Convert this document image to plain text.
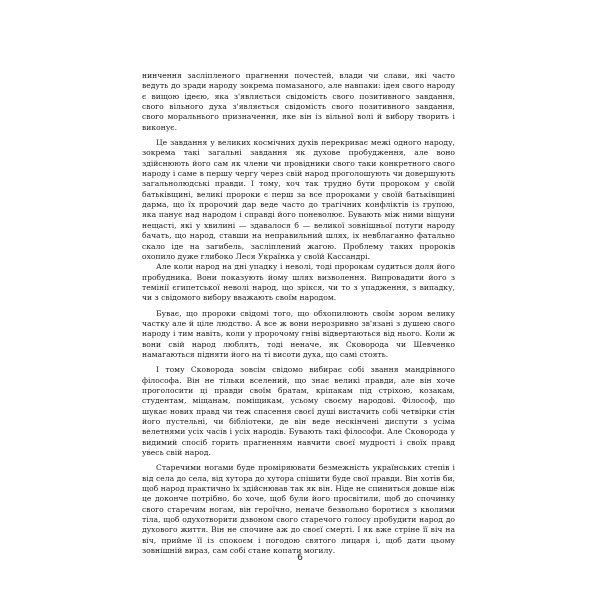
нинчення засліпленого прагнення почестей, влади чи слави, які часто ведуть до зради народу зокрема помазаного, але навпаки: ідея свого народу є вищою ідеєю, яка з'являється свідомість свого позитивного завдання, свого вільного духа з'являється свідомість свого позитивного завдання, свого моральнього призначення, яке він із вільної волі й вибору творить і виконує.

Це завдання у великих космічних духів перекриває межі одного народу, зокрема такі загальні завдання як духове пробудження, але воно здійснюють його сам як члени чи провідники свого таки конкретного свого народу і саме в першу чергу через свій народ проголошують чи довершують загальнолюдські правди. І тому, хоч так трудно бути пророком у своїй батьківщині, великі пророки є перш за все пророками у своїй батьківщині дарма, що їх пророчий дар веде часто до трагічних конфліктів із групою, яка панує над народом і справді його поневолює. Бувають між ними віщуни нещасті, які у хвилині — здавалося б — великої зовнішньої потуги народу бачать, що народ, ставши на неправильний шлях, іх невблаганно фатально скало іде на загибель, засліплений жагою. Проблему таких пророків охопило дуже глибоко Леся Українка у своїй Кассандрі.

Але коли народ на дні упадку і неволі, тоді пророкам судиться доля його пробудника. Вони показують йому шлях визволення. Випровадити його з темінії єгипетської неволі народ, що зрікся, чи то з упадження, з випадку, чи з свідомого вибору вважають своїм народом.

Буває, що пророки свідомі того, що обхопилюють своїм зором велику частку але й цілe людство. А все ж вони нерозривно зв'язані з душею свого народу і тим навіть, коли у пророчому гніві відвертаються від нього. Коли ж вони свій народ люблять, тоді неначе, як Сковорода чи Шевченко намагаються підняти його на ті висоти духа, що самі стоять.

І тому Сковорода зовсім свідомо вибирає собі звання мандрівного філософа. Він не тільки вселений, що знає великі правди, але він хоче проголосити ці правди своїм братам, кріпакам під стріхою, козакам, студентам, міщанам, поміщикам, усьому своєму народові. Філософ, що шукає нових правд чи теж спасення своєї душі вистачить собі четвірки стін його пустельні, чи бібліотеки, де він веде нескінчені диспути з усіма велетнями усіх часів і усіх народів. Бувають такі філософи. Але Сковорода у видимий спосіб горить прагненням навчити своєї мудрості і своїх правд увесь свій народ.

Старечими ногами буде проміряювати безмежність українських степів і від села до села, від хутора до хутора спішити буде свої правди. Він хотів би, щоб народ практично їх здійснював так як він. Ніде не спиниться довше ніж це доконче потрібно, бо хоче, щоб були його просвітили, щоб до спочинку свого старечим ногам, він героїчно, неначе безвольно боротися з кволими тіла, щоб одухотворити дзвоном свого старечого голосу пробудити народ до духового життя. Він не спочине аж до своєї смерті. І як вже стріне її віч на віч, прийме її із спокоєм і погодою святого лицаря і, щоб дати цьому зовнішній вираз, сам собі стане копати могилу.

6
